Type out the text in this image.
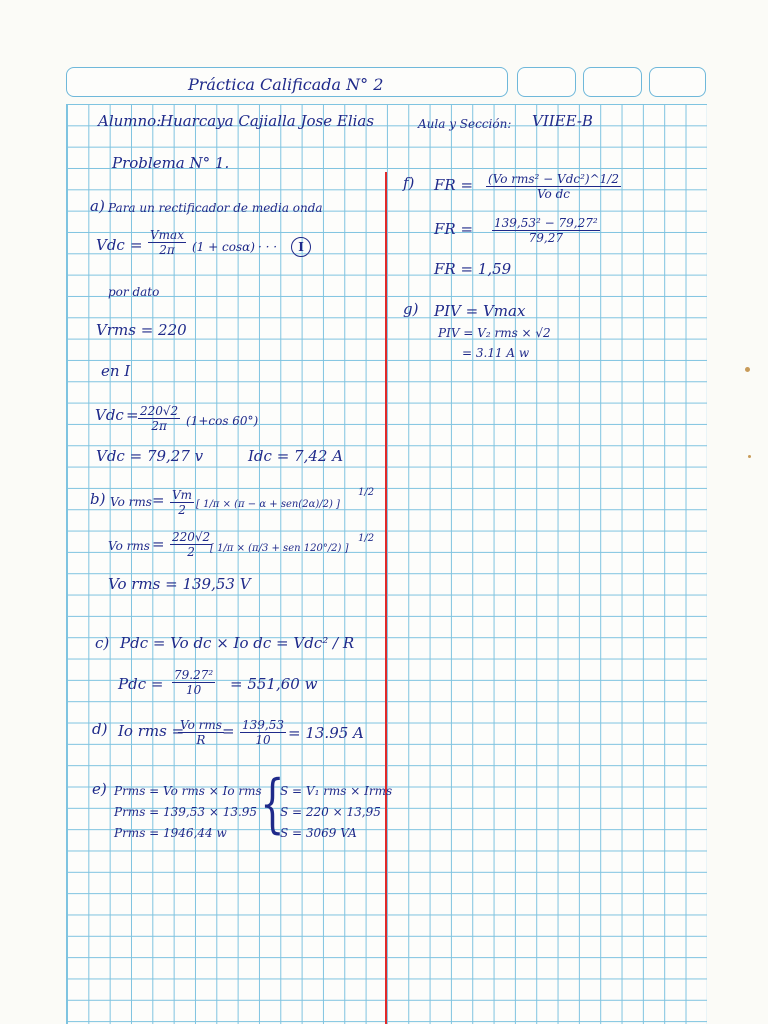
Práctica Calificada N° 2
Alumno:
Huarcaya Cajialla Jose Elias	Aula y Sección: VIIEE-B
Problema N° 1.
a) Para un rectificador de media onda
Vdc =
Vmax
2π	(1 + cosα) · · ·	I
por dato
Vrms = 220
en I
Vdc = $\frac{220√2}{2\pi} (1+\cos$ 60°)
Vdc = 79,27 v	Idc = 7,42 A
b) Vo rms = $\frac{Vm}{2}$ [ 1/π × (π − α + sen(2α)/2) ]
1/2
Vo rms = $\frac{220√2}{2}$
[ 1/π × (π/3 + sen 120°/2) ]
1/2
Vo rms = 139,53 V
c) Pdc = Vo dc × Io dc = Vdc² / R
Pdc = $\frac{\text{79.27²}}{10} = 551,60$ w
d) Io rms =
Vo rms
R	= $\frac{139,53}{10} = 13.95$ A
e) Prms = Vo rms × Io rms
Prms = 139,53 × 13.95
Prms = 1946,44 w {
S = V₁ rms × Irms
S = 220 × 13,95
S = 3069 VA
f) FR = (Vo rms² − Vdc²)^1/2
Vo dc
FR = $\frac{\text{139,53² − 79,27²}}{79,27}$
FR = 1,59
g) PIV = Vmax
PIV = V₂ rms × √2
= 3.11 A w
